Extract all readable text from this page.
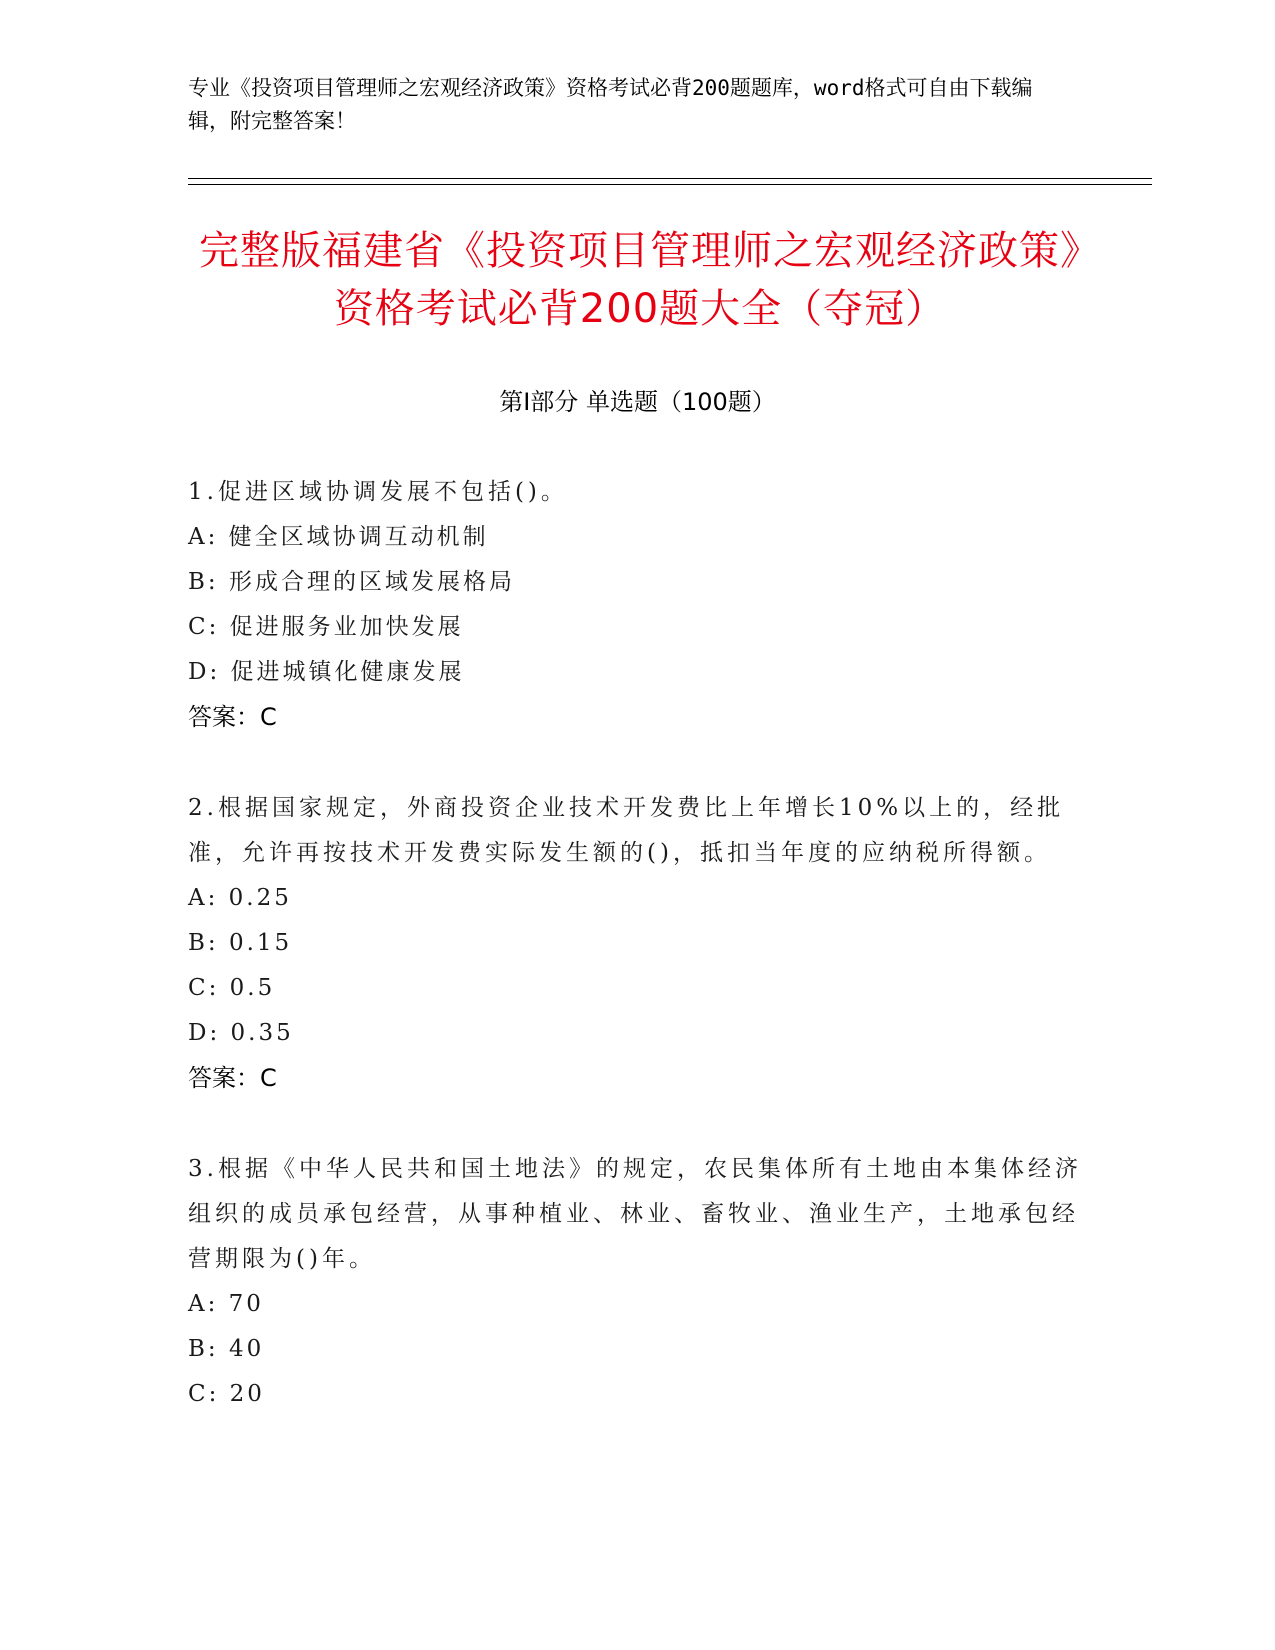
专业《投资项目管理师之宏观经济政策》资格考试必背200题题库，word格式可自由下载编辑，附完整答案！
完整版福建省《投资项目管理师之宏观经济政策》资格考试必背200题大全（夺冠）
第Ⅰ部分 单选题（100题）
1.促进区域协调发展不包括()。
A: 健全区域协调互动机制
B: 形成合理的区域发展格局
C: 促进服务业加快发展
D: 促进城镇化健康发展
答案：C
2.根据国家规定，外商投资企业技术开发费比上年增长10%以上的，经批准，允许再按技术开发费实际发生额的()，抵扣当年度的应纳税所得额。
A: 0.25
B: 0.15
C: 0.5
D: 0.35
答案：C
3.根据《中华人民共和国土地法》的规定，农民集体所有土地由本集体经济组织的成员承包经营，从事种植业、林业、畜牧业、渔业生产，土地承包经营期限为()年。
A: 70
B: 40
C: 20
